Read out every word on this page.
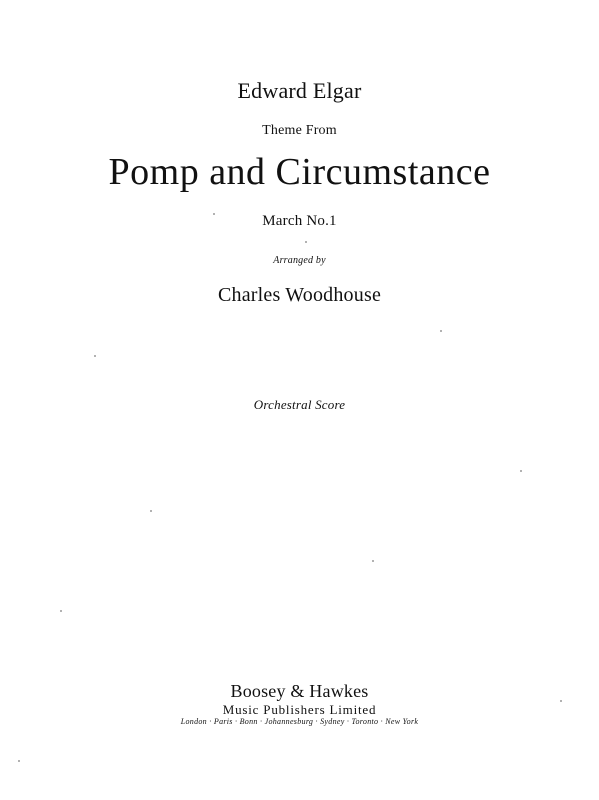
Edward Elgar
Theme From
Pomp and Circumstance
March No.1
Arranged by
Charles Woodhouse
Orchestral Score
Boosey & Hawkes
Music Publishers Limited
London · Paris · Bonn · Johannesburg · Sydney · Toronto · New York
